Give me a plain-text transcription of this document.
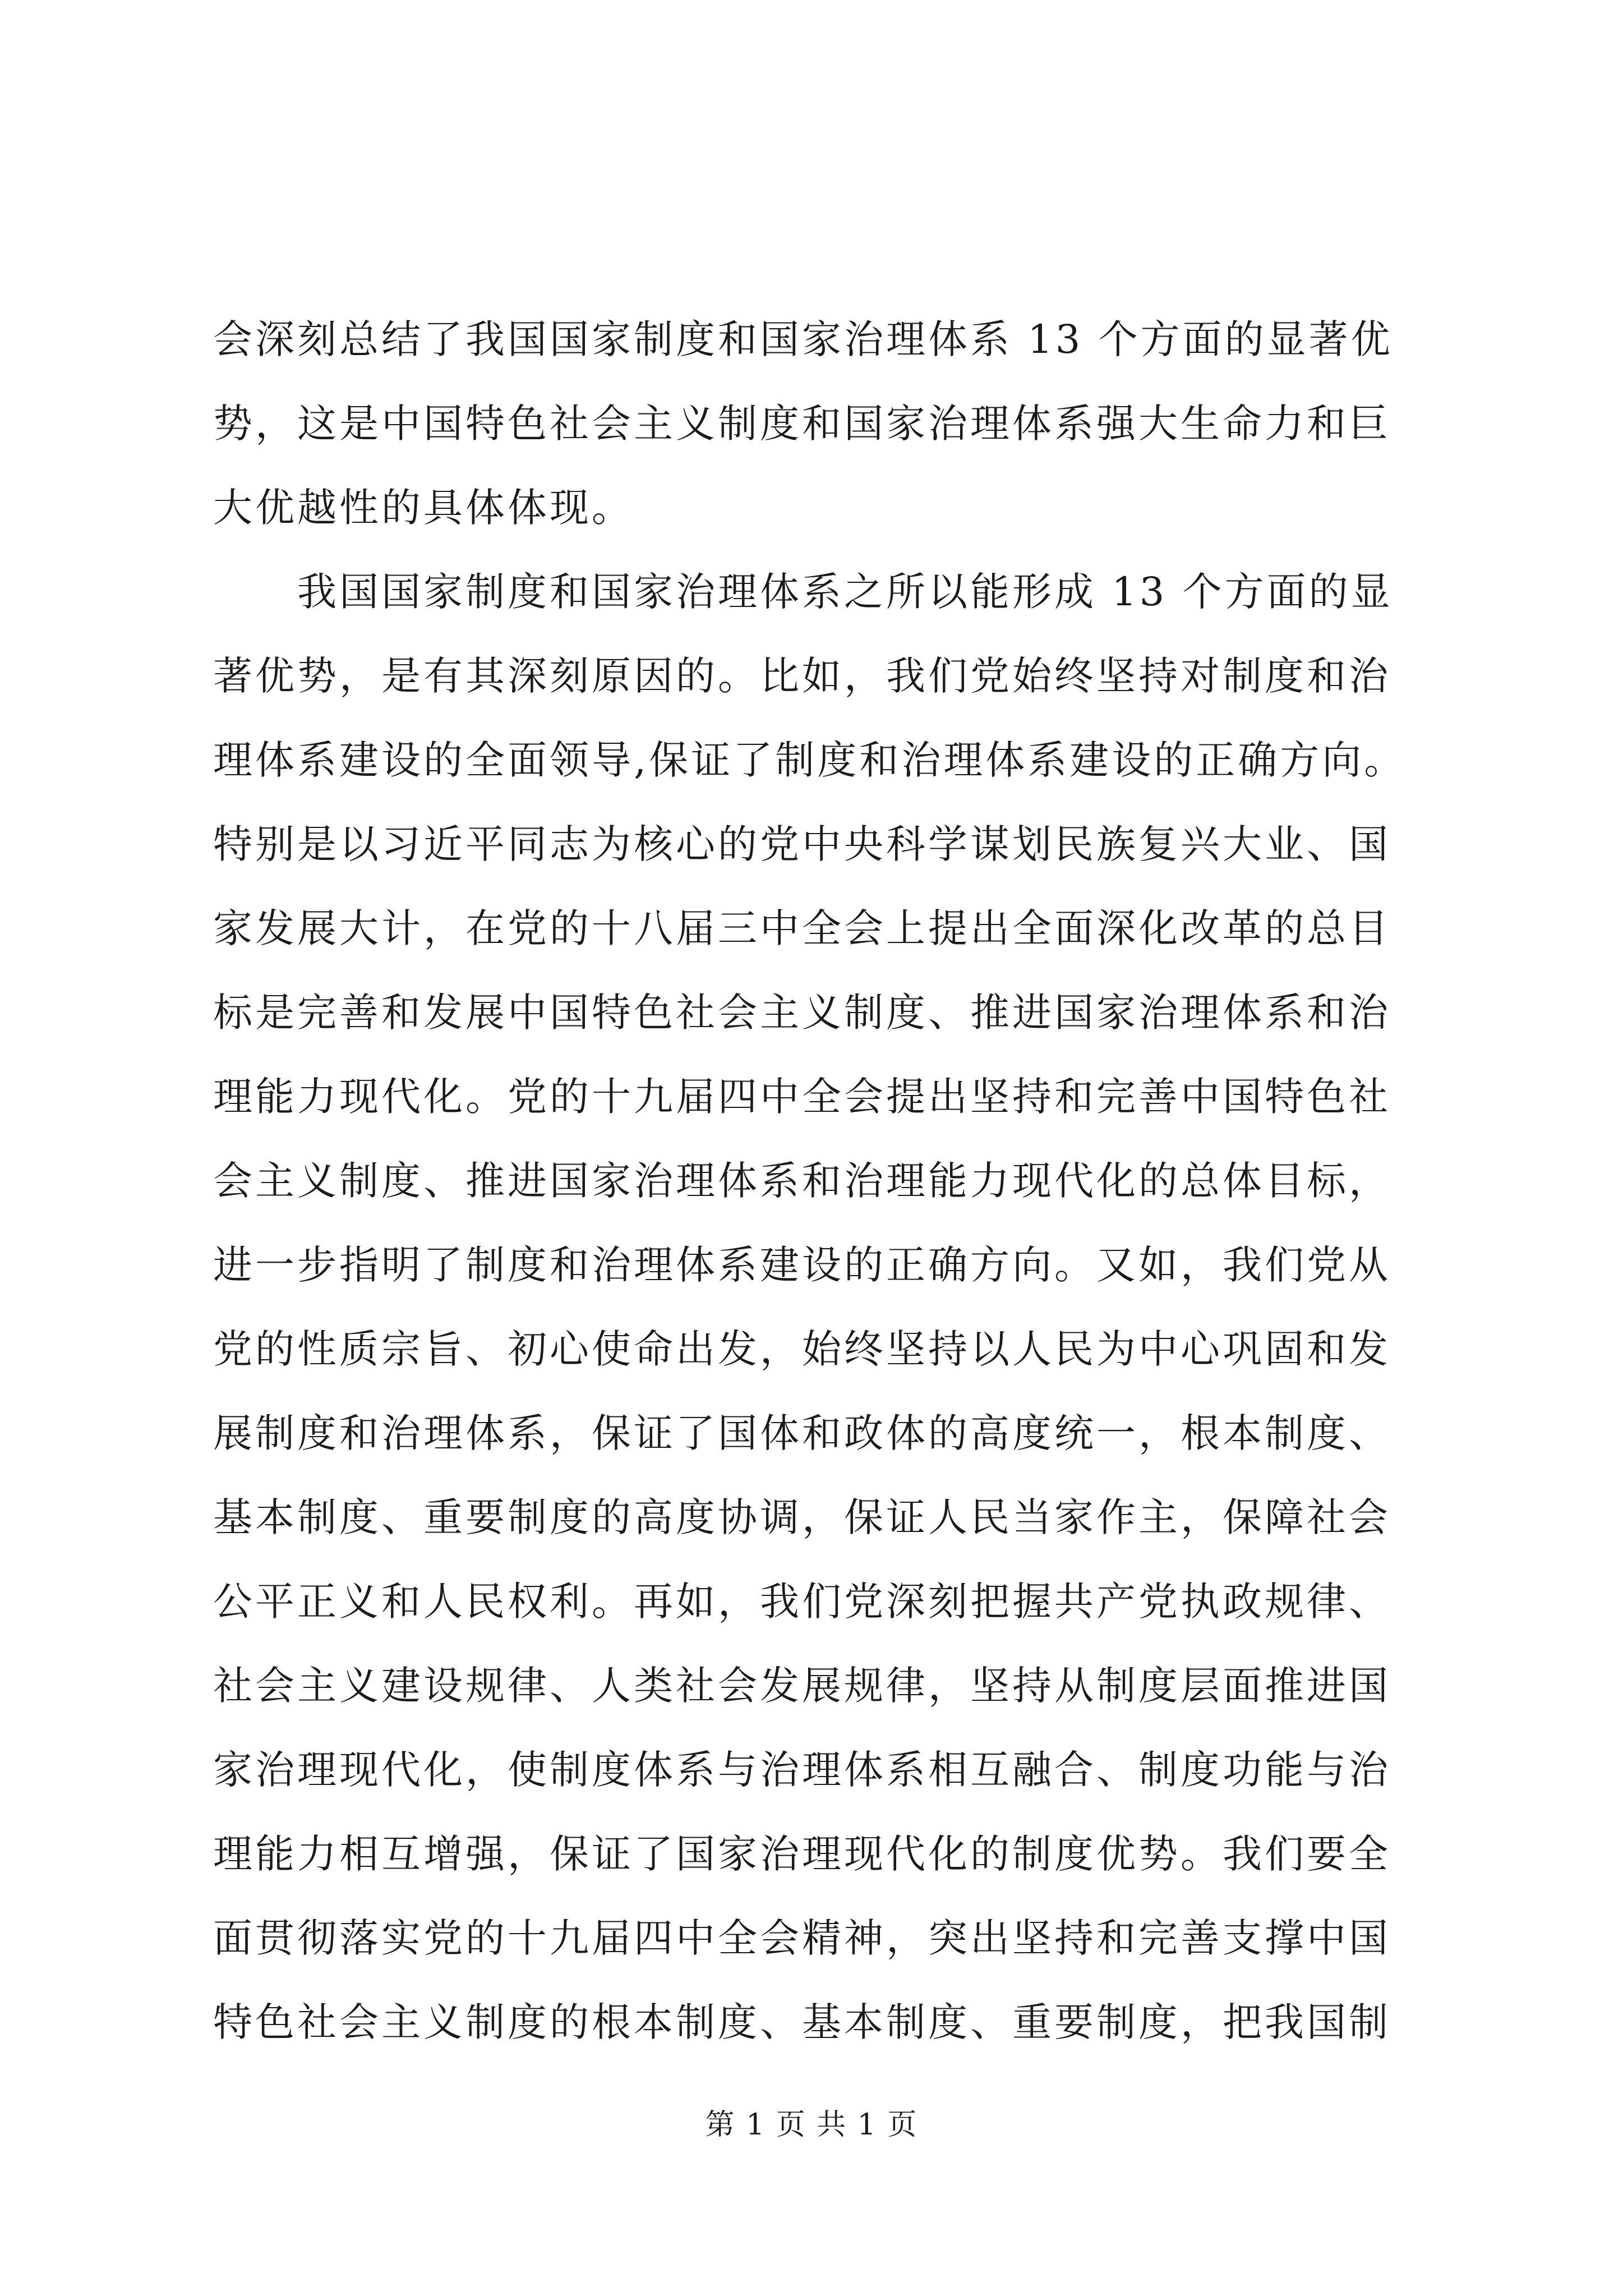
会深刻总结了我国国家制度和国家治理体系 13 个方面的显著优
势，这是中国特色社会主义制度和国家治理体系强大生命力和巨
大优越性的具体体现。
　　我国国家制度和国家治理体系之所以能形成 13 个方面的显
著优势，是有其深刻原因的。比如，我们党始终坚持对制度和治
理体系建设的全面领导,保证了制度和治理体系建设的正确方向。
特别是以习近平同志为核心的党中央科学谋划民族复兴大业、国
家发展大计，在党的十八届三中全会上提出全面深化改革的总目
标是完善和发展中国特色社会主义制度、推进国家治理体系和治
理能力现代化。党的十九届四中全会提出坚持和完善中国特色社
会主义制度、推进国家治理体系和治理能力现代化的总体目标，
进一步指明了制度和治理体系建设的正确方向。又如，我们党从
党的性质宗旨、初心使命出发，始终坚持以人民为中心巩固和发
展制度和治理体系，保证了国体和政体的高度统一，根本制度、
基本制度、重要制度的高度协调，保证人民当家作主，保障社会
公平正义和人民权利。再如，我们党深刻把握共产党执政规律、
社会主义建设规律、人类社会发展规律，坚持从制度层面推进国
家治理现代化，使制度体系与治理体系相互融合、制度功能与治
理能力相互增强，保证了国家治理现代化的制度优势。我们要全
面贯彻落实党的十九届四中全会精神，突出坚持和完善支撑中国
特色社会主义制度的根本制度、基本制度、重要制度，把我国制
第 1 页 共 1 页
